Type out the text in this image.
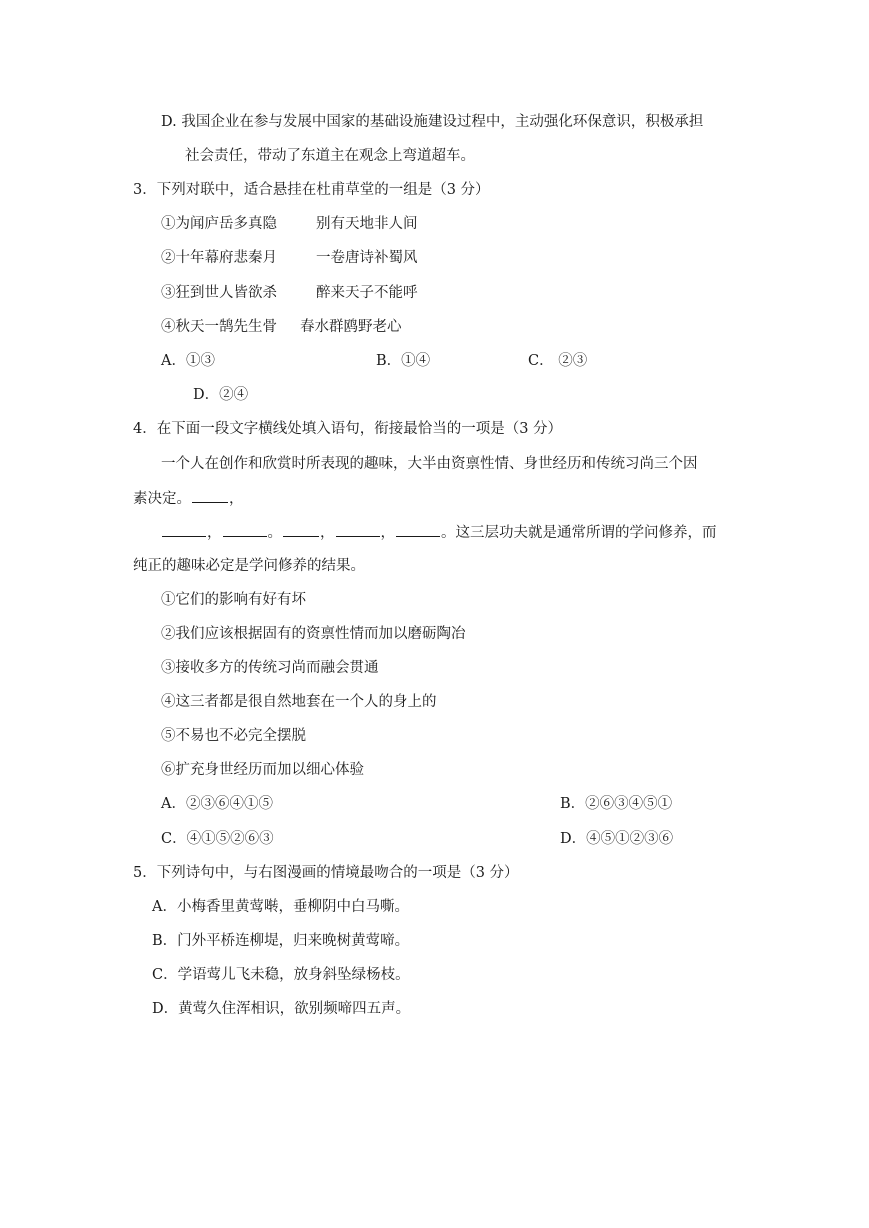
D. 我国企业在参与发展中国家的基础设施建设过程中，主动强化环保意识，积极承担
社会责任，带动了东道主在观念上弯道超车。
3．下列对联中，适合悬挂在杜甫草堂的一组是（3 分）
①为闻庐岳多真隐	别有天地非人间
②十年幕府悲秦月	一卷唐诗补蜀风
③狂到世人皆欲杀	醉来天子不能呼
④秋天一鹄先生骨 春水群鸥野老心
A．①③	B．①④	C． ②③
D．②④
4．在下面一段文字横线处填入语句，衔接最恰当的一项是（3 分）
一个人在创作和欣赏时所表现的趣味，大半由资禀性情、身世经历和传统习尚三个因
素决定。	，
，	。	，	，	。这三层功夫就是通常所谓的学问修养，而
纯正的趣味必定是学问修养的结果。
①它们的影响有好有坏
②我们应该根据固有的资禀性情而加以磨砺陶冶
③接收多方的传统习尚而融会贯通
④这三者都是很自然地套在一个人的身上的
⑤不易也不必完全摆脱
⑥扩充身世经历而加以细心体验
A．②③⑥④①⑤	B．②⑥③④⑤①
C．④①⑤②⑥③	D．④⑤①②③⑥
5．下列诗句中，与右图漫画的情境最吻合的一项是（3 分）
A．小梅香里黄莺啭，垂柳阴中白马嘶。
B．门外平桥连柳堤，归来晚树黄莺啼。
C．学语莺儿飞未稳，放身斜坠绿杨枝。
D．黄莺久住浑相识，欲别频啼四五声。
